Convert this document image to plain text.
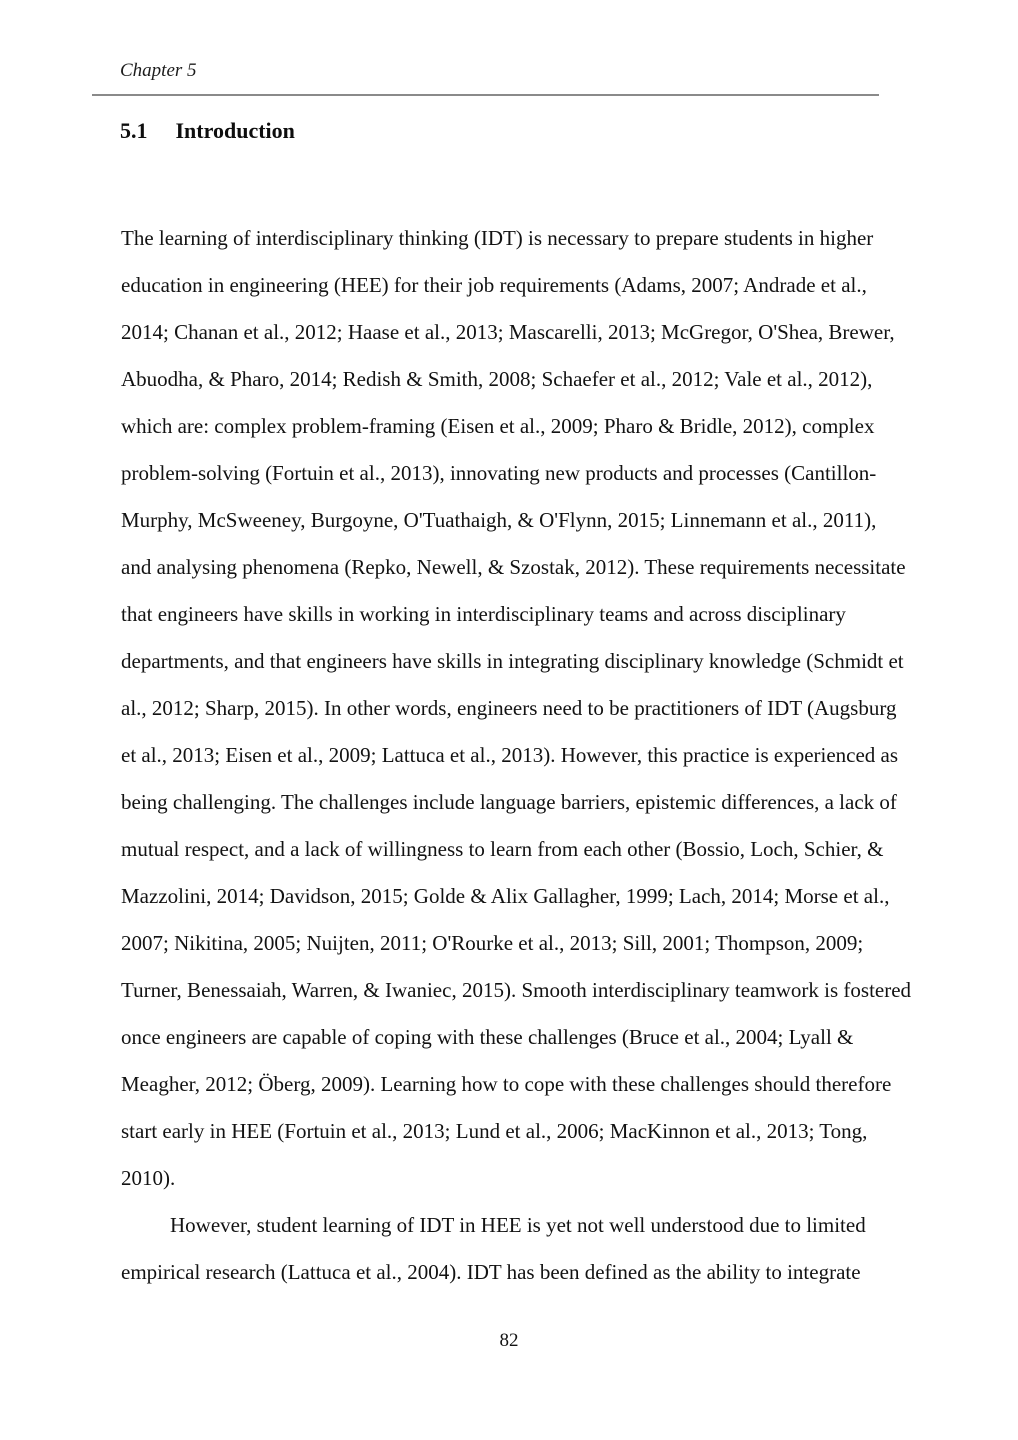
Chapter 5
5.1 Introduction
The learning of interdisciplinary thinking (IDT) is necessary to prepare students in higher
education in engineering (HEE) for their job requirements (Adams, 2007; Andrade et al.,
2014; Chanan et al., 2012; Haase et al., 2013; Mascarelli, 2013; McGregor, O'Shea, Brewer,
Abuodha, & Pharo, 2014; Redish & Smith, 2008; Schaefer et al., 2012; Vale et al., 2012),
which are: complex problem-framing (Eisen et al., 2009; Pharo & Bridle, 2012), complex
problem-solving (Fortuin et al., 2013), innovating new products and processes (Cantillon-
Murphy, McSweeney, Burgoyne, O'Tuathaigh, & O'Flynn, 2015; Linnemann et al., 2011),
and analysing phenomena (Repko, Newell, & Szostak, 2012). These requirements necessitate
that engineers have skills in working in interdisciplinary teams and across disciplinary
departments, and that engineers have skills in integrating disciplinary knowledge (Schmidt et
al., 2012; Sharp, 2015). In other words, engineers need to be practitioners of IDT (Augsburg
et al., 2013; Eisen et al., 2009; Lattuca et al., 2013). However, this practice is experienced as
being challenging. The challenges include language barriers, epistemic differences, a lack of
mutual respect, and a lack of willingness to learn from each other (Bossio, Loch, Schier, &
Mazzolini, 2014; Davidson, 2015; Golde & Alix Gallagher, 1999; Lach, 2014; Morse et al.,
2007; Nikitina, 2005; Nuijten, 2011; O'Rourke et al., 2013; Sill, 2001; Thompson, 2009;
Turner, Benessaiah, Warren, & Iwaniec, 2015). Smooth interdisciplinary teamwork is fostered
once engineers are capable of coping with these challenges (Bruce et al., 2004; Lyall &
Meagher, 2012; Öberg, 2009). Learning how to cope with these challenges should therefore
start early in HEE (Fortuin et al., 2013; Lund et al., 2006; MacKinnon et al., 2013; Tong,
2010).
However, student learning of IDT in HEE is yet not well understood due to limited
empirical research (Lattuca et al., 2004). IDT has been defined as the ability to integrate
82
